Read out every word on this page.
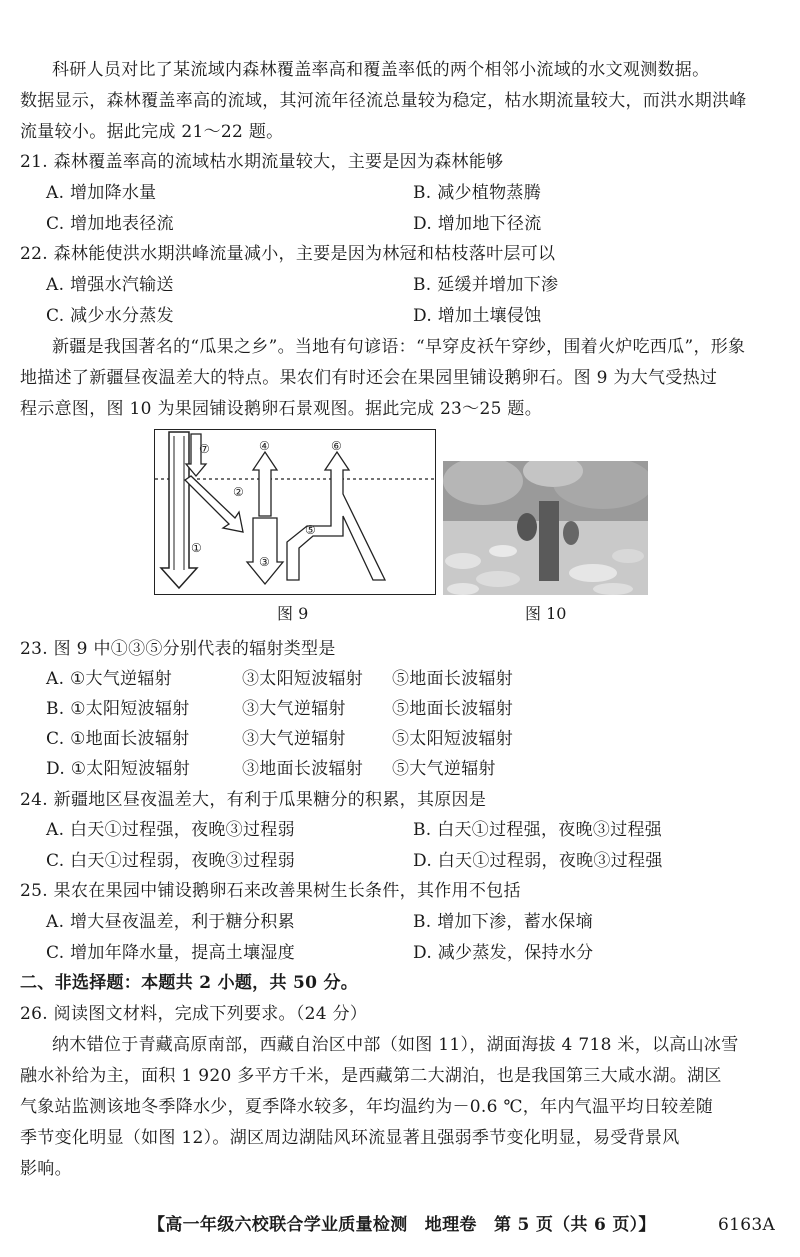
科研人员对比了某流域内森林覆盖率高和覆盖率低的两个相邻小流域的水文观测数据。
数据显示，森林覆盖率高的流域，其河流年径流总量较为稳定，枯水期流量较大，而洪水期洪峰
流量较小。据此完成 21～22 题。
21. 森林覆盖率高的流域枯水期流量较大，主要是因为森林能够
A. 增加降水量	B. 减少植物蒸腾
C. 增加地表径流	D. 增加地下径流
22. 森林能使洪水期洪峰流量减小，主要是因为林冠和枯枝落叶层可以
A. 增强水汽输送	B. 延缓并增加下渗
C. 减少水分蒸发	D. 增加土壤侵蚀
新疆是我国著名的“瓜果之乡”。当地有句谚语：“早穿皮袄午穿纱，围着火炉吃西瓜”，形象
地描述了新疆昼夜温差大的特点。果农们有时还会在果园里铺设鹅卵石。图 9 为大气受热过
程示意图，图 10 为果园铺设鹅卵石景观图。据此完成 23～25 题。
⑦	④	⑥
②
①
③
⑤
图 9	图 10
23. 图 9 中①③⑤分别代表的辐射类型是
A. ①大气逆辐射	③太阳短波辐射 ⑤地面长波辐射
B. ①太阳短波辐射	③大气逆辐射	⑤地面长波辐射
C. ①地面长波辐射	③大气逆辐射	⑤太阳短波辐射
D. ①太阳短波辐射	③地面长波辐射 ⑤大气逆辐射
24. 新疆地区昼夜温差大，有利于瓜果糖分的积累，其原因是
A. 白天①过程强，夜晚③过程弱	B. 白天①过程强，夜晚③过程强
C. 白天①过程弱，夜晚③过程弱	D. 白天①过程弱，夜晚③过程强
25. 果农在果园中铺设鹅卵石来改善果树生长条件，其作用不包括
A. 增大昼夜温差，利于糖分积累	B. 增加下渗，蓄水保墒
C. 增加年降水量，提高土壤湿度	D. 减少蒸发，保持水分
二、非选择题：本题共 2 小题，共 50 分。
26. 阅读图文材料，完成下列要求。（24 分）
纳木错位于青藏高原南部，西藏自治区中部（如图 11），湖面海拔 4 718 米，以高山冰雪
融水补给为主，面积 1 920 多平方千米，是西藏第二大湖泊，也是我国第三大咸水湖。湖区
气象站监测该地冬季降水少，夏季降水较多，年均温约为－0.6 ℃，年内气温平均日较差随
季节变化明显（如图 12）。湖区周边湖陆风环流显著且强弱季节变化明显，易受背景风
影响。
【高一年级六校联合学业质量检测　地理卷　第 5 页（共 6 页）】	6163A
